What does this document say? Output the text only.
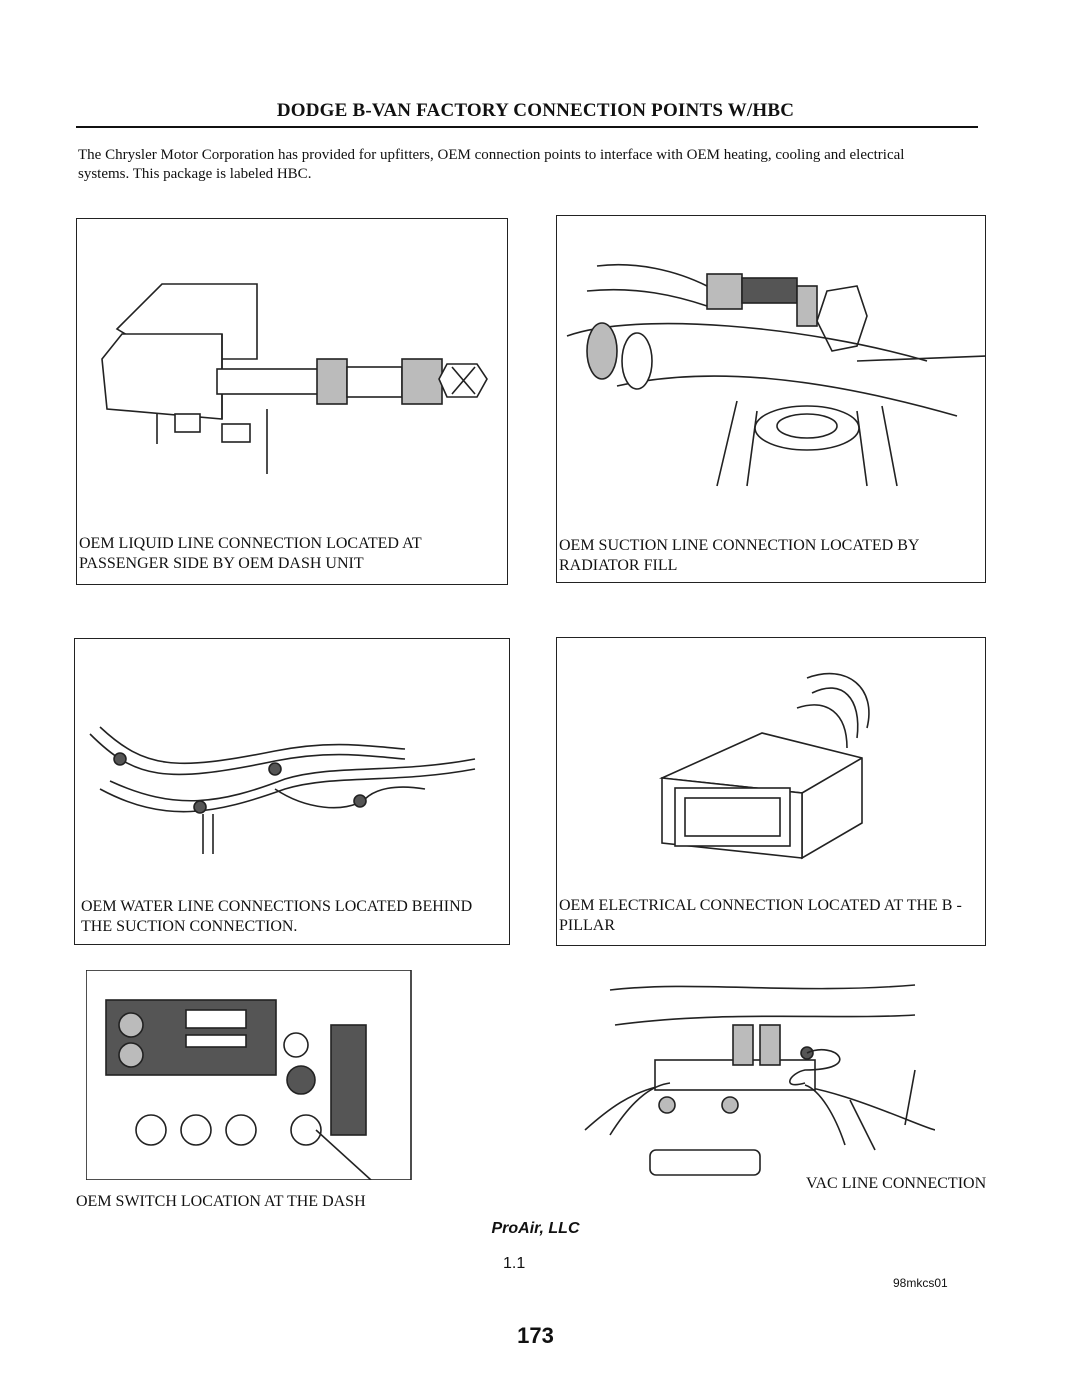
DODGE B-VAN FACTORY CONNECTION POINTS W/HBC
The Chrysler Motor Corporation has provided for upfitters, OEM connection points to interface with OEM heating, cooling and electrical systems. This package is labeled HBC.
OEM LIQUID LINE CONNECTION LOCATED AT PASSENGER SIDE BY OEM DASH UNIT
OEM SUCTION LINE CONNECTION LOCATED BY RADIATOR FILL
OEM WATER LINE CONNECTIONS LOCATED BEHIND THE SUCTION CONNECTION.
OEM ELECTRICAL CONNECTION LOCATED AT THE B - PILLAR
OEM SWITCH LOCATION AT THE DASH
VAC LINE CONNECTION
ProAir, LLC
1.1
98mkcs01
173
